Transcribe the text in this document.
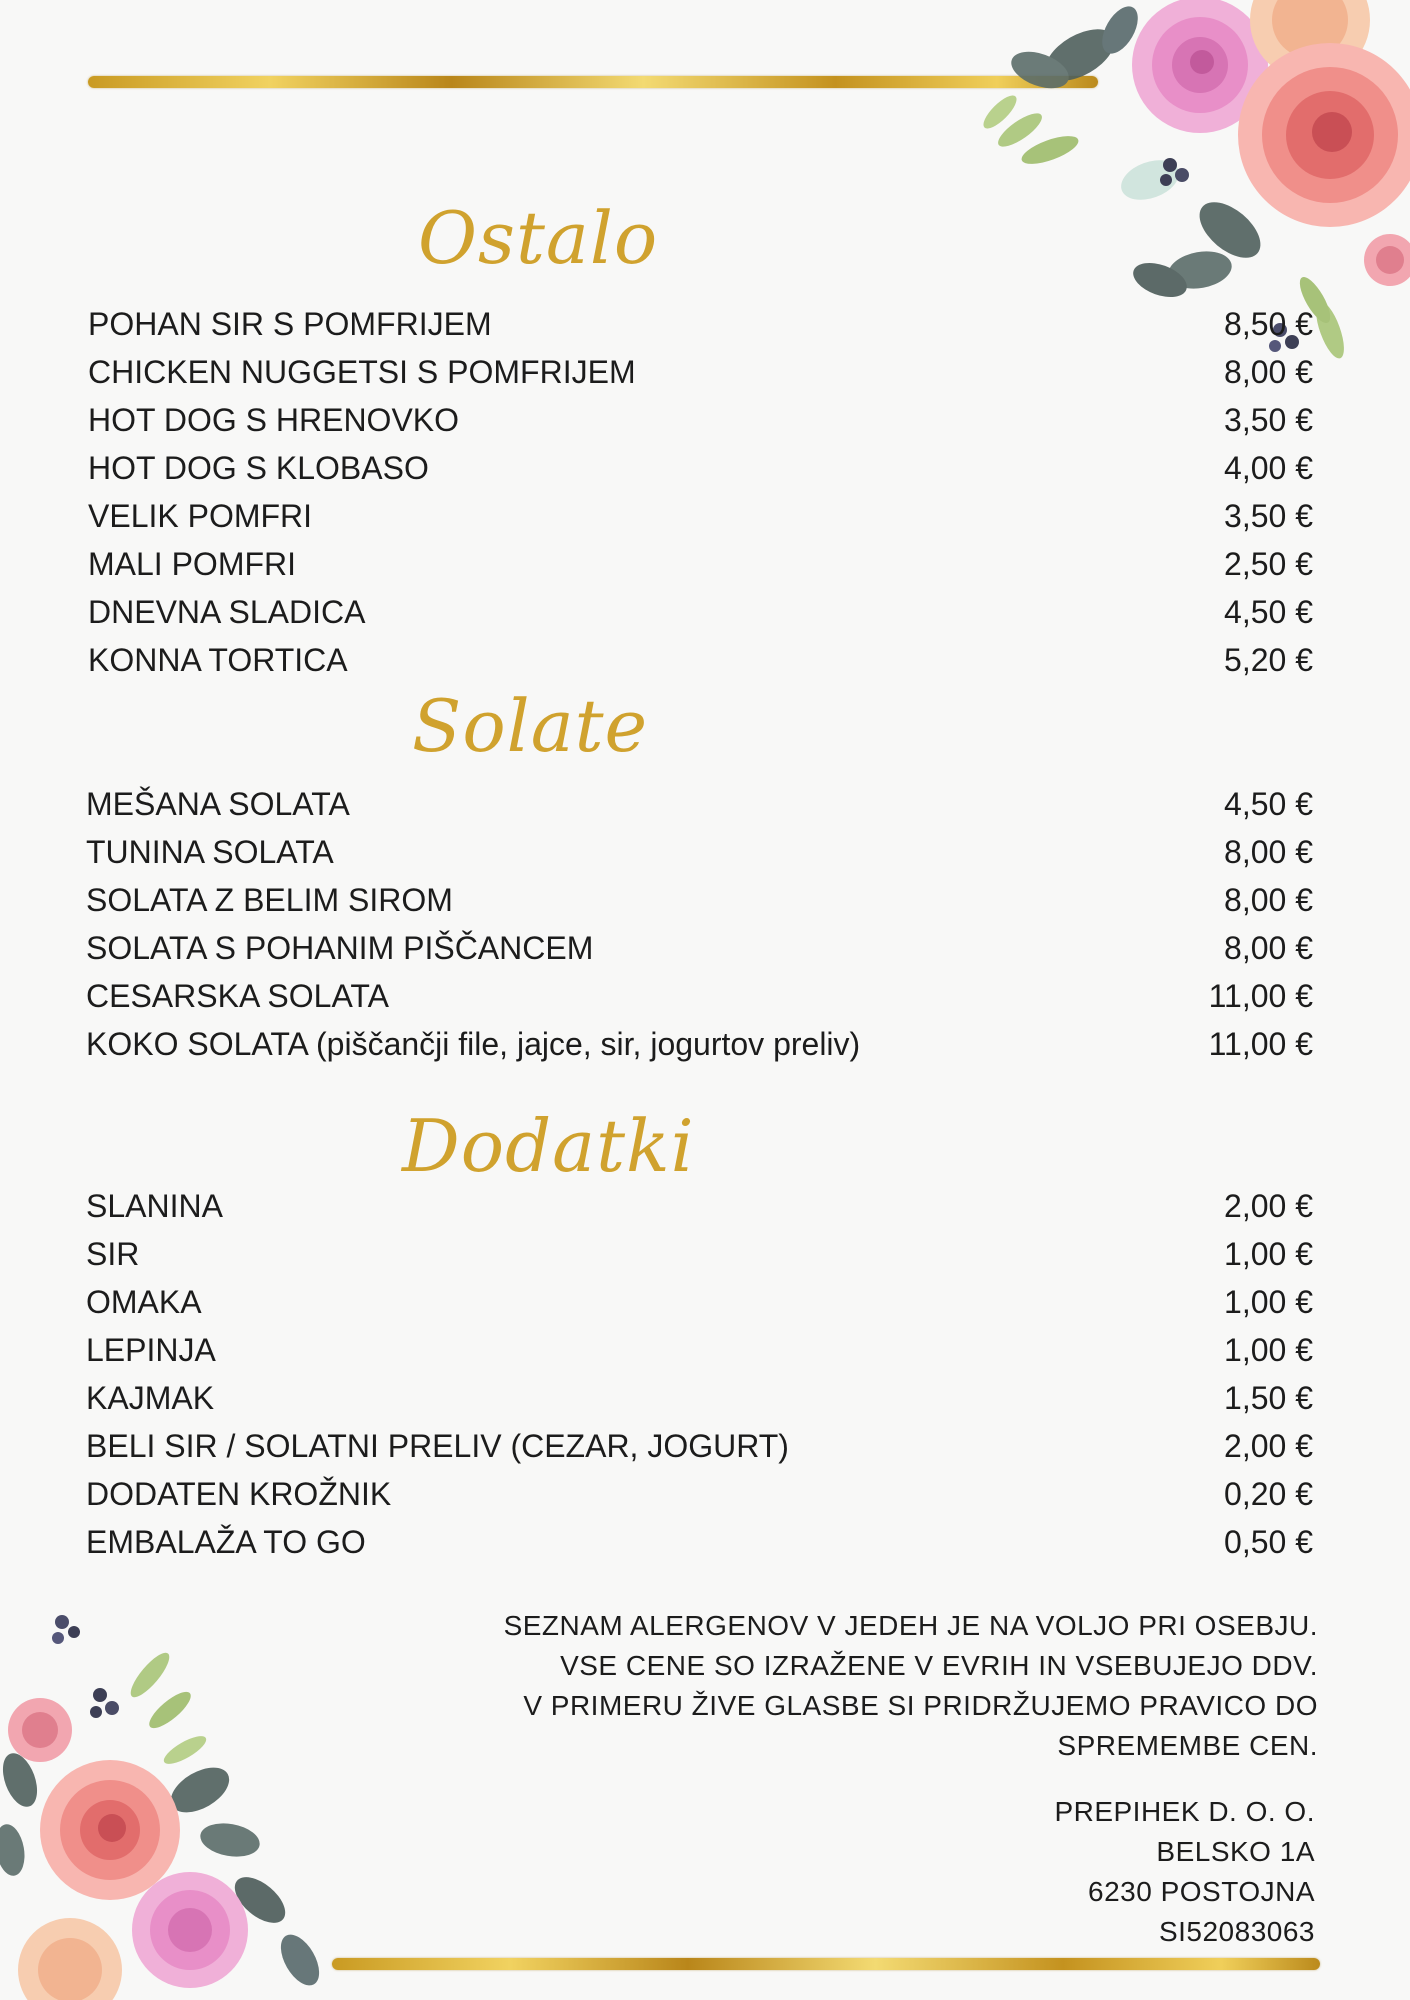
Ostalo
POHAN SIR S POMFRIJEM	8,50 €
CHICKEN NUGGETSI S POMFRIJEM	8,00 €
HOT DOG S HRENOVKO	3,50 €
HOT DOG S KLOBASO	4,00 €
VELIK POMFRI	3,50 €
MALI POMFRI	2,50 €
DNEVNA SLADICA	4,50 €
KONNA TORTICA	5,20 €
Solate
MEŠANA SOLATA	4,50 €
TUNINA SOLATA	8,00 €
SOLATA Z BELIM SIROM	8,00 €
SOLATA S POHANIM PIŠČANCEM	8,00 €
CESARSKA SOLATA	11,00 €
KOKO SOLATA (piščančji file, jajce, sir, jogurtov preliv)	11,00 €
Dodatki
SLANINA	2,00 €
SIR	1,00 €
OMAKA	1,00 €
LEPINJA	1,00 €
KAJMAK	1,50 €
BELI SIR / SOLATNI PRELIV (CEZAR, JOGURT)	2,00 €
DODATEN KROŽNIK	0,20 €
EMBALAŽA TO GO	0,50 €

SEZNAM ALERGENOV V JEDEH JE NA VOLJO PRI OSEBJU.

VSE CENE SO IZRAŽENE V EVRIH IN VSEBUJEJO DDV.

V PRIMERU ŽIVE GLASBE SI PRIDRŽUJEMO PRAVICO DO

SPREMEMBE CEN.

PREPIHEK D. O. O.

BELSKO 1A

6230 POSTOJNA

SI52083063
